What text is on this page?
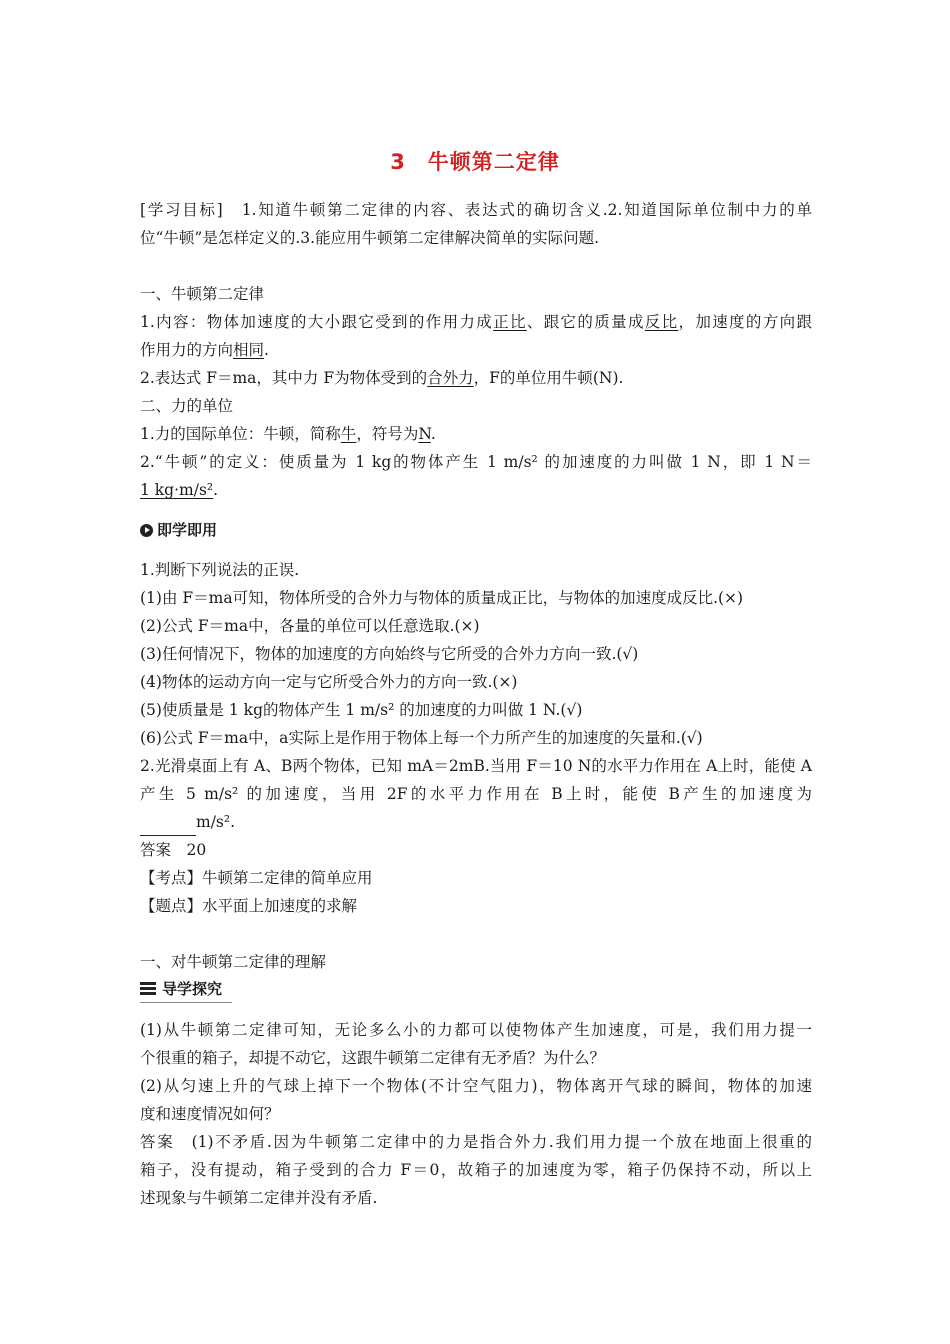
3　牛顿第二定律

[学习目标]　1.知道牛顿第二定律的内容、表达式的确切含义.2.知道国际单位制中力的单

位“牛顿”是怎样定义的.3.能应用牛顿第二定律解决简单的实际问题.

一、牛顿第二定律

1.内容：物体加速度的大小跟它受到的作用力成正比、跟它的质量成反比，加速度的方向跟

作用力的方向相同.

2.表达式 F＝ma，其中力 F为物体受到的合外力，F的单位用牛顿(N).

二、力的单位

1.力的国际单位：牛顿，简称牛，符号为N.

2.“牛顿”的定义：使质量为 1 kg的物体产生 1 m/s² 的加速度的力叫做 1 N，即 1 N＝

1 kg·m/s².

即学即用

1.判断下列说法的正误.

(1)由 F＝ma可知，物体所受的合外力与物体的质量成正比，与物体的加速度成反比.(×)

(2)公式 F＝ma中，各量的单位可以任意选取.(×)

(3)任何情况下，物体的加速度的方向始终与它所受的合外力方向一致.(√)

(4)物体的运动方向一定与它所受合外力的方向一致.(×)

(5)使质量是 1 kg的物体产生 1 m/s² 的加速度的力叫做 1 N.(√)

(6)公式 F＝ma中，a实际上是作用于物体上每一个力所产生的加速度的矢量和.(√)

2.光滑桌面上有 A、B两个物体，已知 mA＝2mB.当用 F＝10 N的水平力作用在 A上时，能使 A

产生 5 m/s² 的加速度，当用 2F的水平力作用在 B上时，能使 B产生的加速度为

m/s².

答案　20

【考点】牛顿第二定律的简单应用

【题点】水平面上加速度的求解

一、对牛顿第二定律的理解

导学探究

(1)从牛顿第二定律可知，无论多么小的力都可以使物体产生加速度，可是，我们用力提一

个很重的箱子，却提不动它，这跟牛顿第二定律有无矛盾？为什么？

(2)从匀速上升的气球上掉下一个物体(不计空气阻力)，物体离开气球的瞬间，物体的加速

度和速度情况如何？

答案　(1)不矛盾.因为牛顿第二定律中的力是指合外力.我们用力提一个放在地面上很重的

箱子，没有提动，箱子受到的合力 F＝0，故箱子的加速度为零，箱子仍保持不动，所以上

述现象与牛顿第二定律并没有矛盾.
